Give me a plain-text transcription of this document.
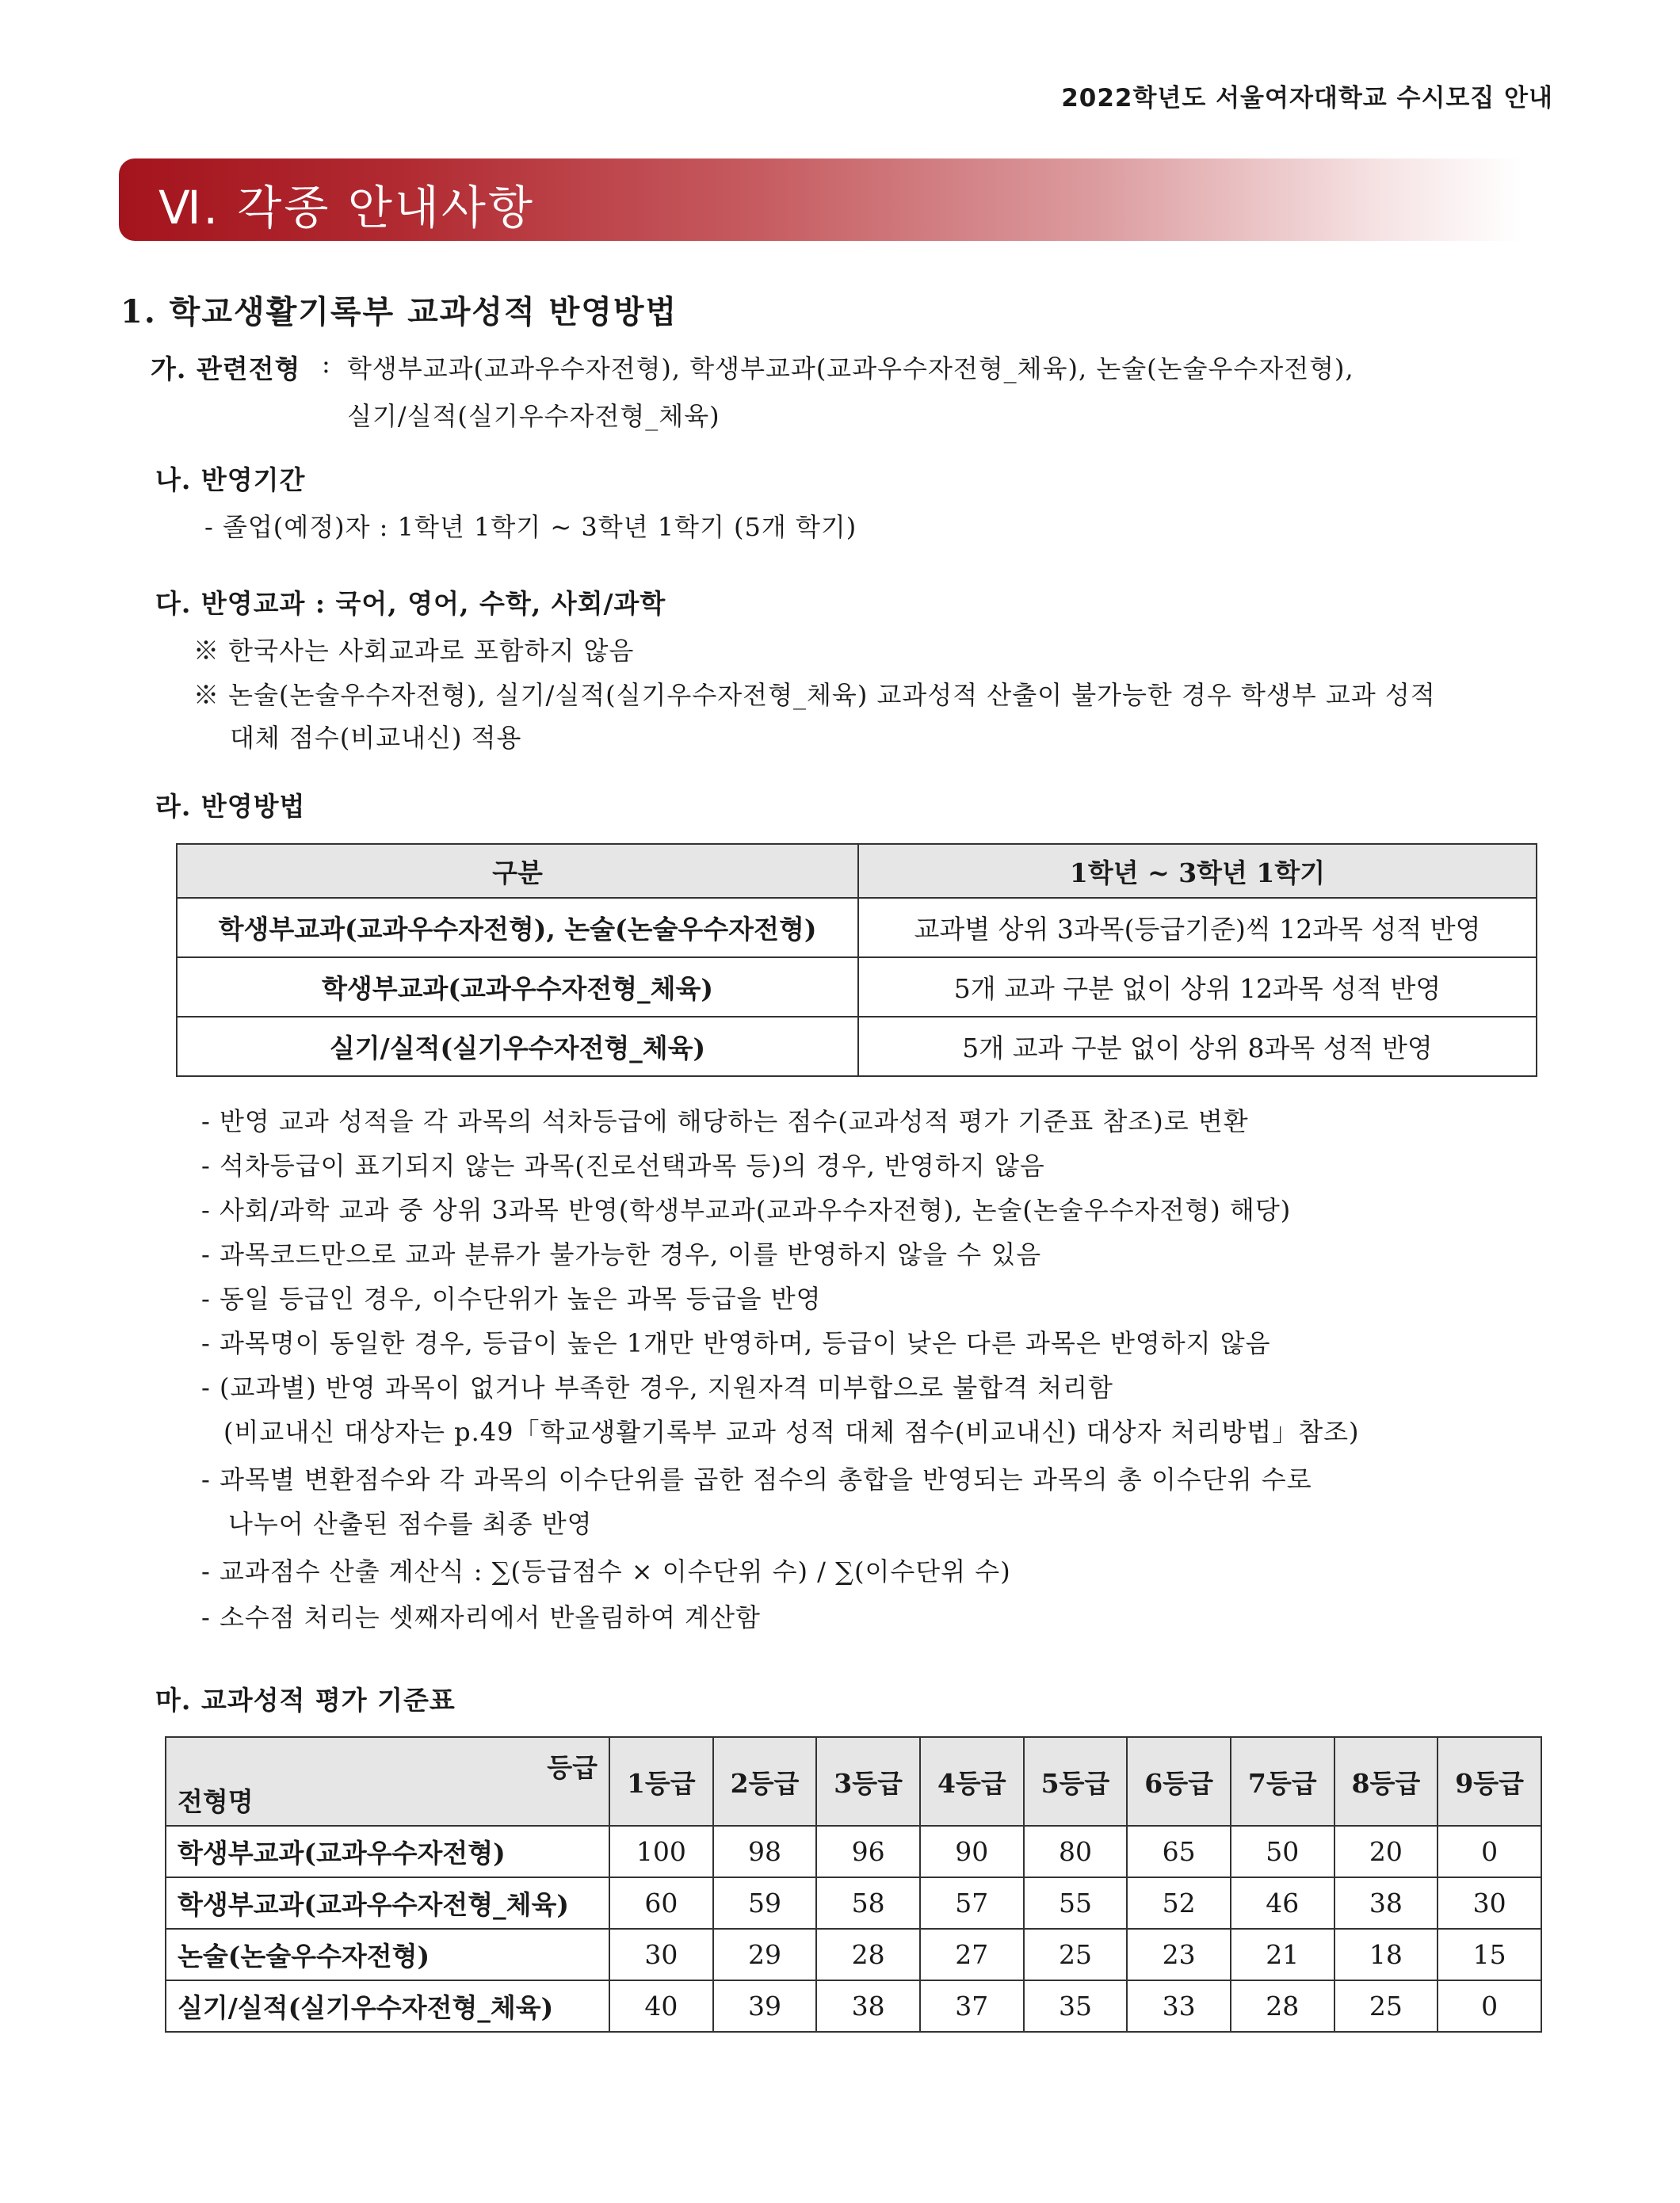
2022학년도 서울여자대학교 수시모집 안내
Ⅵ. 각종 안내사항
1. 학교생활기록부 교과성적 반영방법
가. 관련전형 : 학생부교과(교과우수자전형), 학생부교과(교과우수자전형_체육), 논술(논술우수자전형),
실기/실적(실기우수자전형_체육)
나. 반영기간
- 졸업(예정)자 : 1학년 1학기 ~ 3학년 1학기 (5개 학기)
다. 반영교과 : 국어, 영어, 수학, 사회/과학
※ 한국사는 사회교과로 포함하지 않음
※ 논술(논술우수자전형), 실기/실적(실기우수자전형_체육) 교과성적 산출이 불가능한 경우 학생부 교과 성적
대체 점수(비교내신) 적용
라. 반영방법
구분	1학년 ~ 3학년 1학기
학생부교과(교과우수자전형), 논술(논술우수자전형)	교과별 상위 3과목(등급기준)씩 12과목 성적 반영
학생부교과(교과우수자전형_체육)	5개 교과 구분 없이 상위 12과목 성적 반영
실기/실적(실기우수자전형_체육)	5개 교과 구분 없이 상위 8과목 성적 반영
- 반영 교과 성적을 각 과목의 석차등급에 해당하는 점수(교과성적 평가 기준표 참조)로 변환
- 석차등급이 표기되지 않는 과목(진로선택과목 등)의 경우, 반영하지 않음
- 사회/과학 교과 중 상위 3과목 반영(학생부교과(교과우수자전형), 논술(논술우수자전형) 해당)
- 과목코드만으로 교과 분류가 불가능한 경우, 이를 반영하지 않을 수 있음
- 동일 등급인 경우, 이수단위가 높은 과목 등급을 반영
- 과목명이 동일한 경우, 등급이 높은 1개만 반영하며, 등급이 낮은 다른 과목은 반영하지 않음
- (교과별) 반영 과목이 없거나 부족한 경우, 지원자격 미부합으로 불합격 처리함
(비교내신 대상자는 p.49「학교생활기록부 교과 성적 대체 점수(비교내신) 대상자 처리방법」참조)
- 과목별 변환점수와 각 과목의 이수단위를 곱한 점수의 총합을 반영되는 과목의 총 이수단위 수로
나누어 산출된 점수를 최종 반영
- 교과점수 산출 계산식 : ∑(등급점수 × 이수단위 수) / ∑(이수단위 수)
- 소수점 처리는 셋째자리에서 반올림하여 계산함
마. 교과성적 평가 기준표
등급
전형명	1등급	2등급	3등급	4등급	5등급	6등급	7등급	8등급	9등급
학생부교과(교과우수자전형)	100	98	96	90	80	65	50	20	0
학생부교과(교과우수자전형_체육)	60	59	58	57	55	52	46	38	30
논술(논술우수자전형)	30	29	28	27	25	23	21	18	15
실기/실적(실기우수자전형_체육)	40	39	38	37	35	33	28	25	0
